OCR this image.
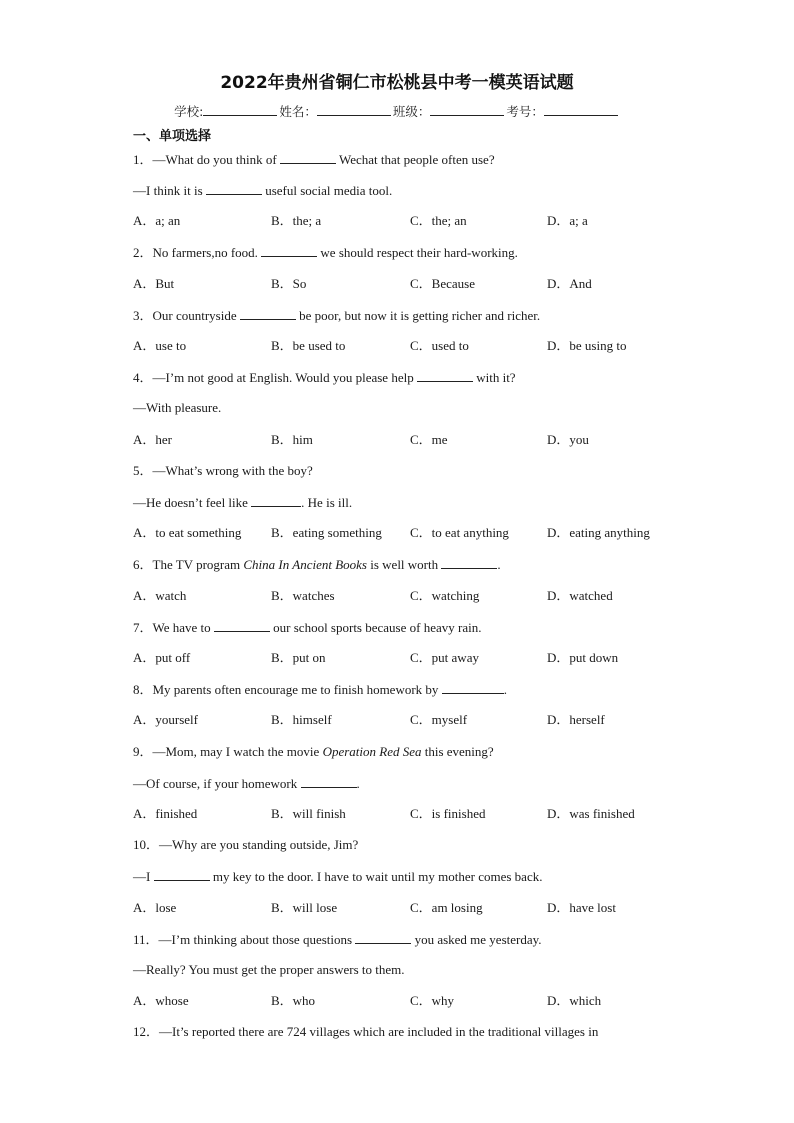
2022年贵州省铜仁市松桃县中考一模英语试题
学校:	姓名：	班级：	考号：
一、单项选择
1．—What do you think of	Wechat that people often use?
—I think it is	useful social media tool.
A．a; an	B．the; a	C．the; an	D．a; a
2．No farmers,no food.	we should respect their hard-working.
A．But	B．So	C．Because	D．And
3．Our countryside	be poor, but now it is getting richer and richer.
A．use to	B．be used to	C．used to	D．be using to
4．—I’m not good at English. Would you please help	with it?
—With pleasure.
A．her	B．him	C．me	D．you
5．—What’s wrong with the boy?
—He doesn’t feel like	. He is ill.
A．to eat something B．eating something C．to eat anything	D．eating anything
6．The TV program China In Ancient Books is well worth	.
A．watch	B．watches	C．watching	D．watched
7．We have to	our school sports because of heavy rain.
A．put off	B．put on	C．put away	D．put down
8．My parents often encourage me to finish homework by	.
A．yourself	B．himself	C．myself	D．herself
9．—Mom, may I watch the movie Operation Red Sea this evening?
—Of course, if your homework	.
A．finished	B．will finish	C．is finished	D．was finished
10．—Why are you standing outside, Jim?
—I	my key to the door. I have to wait until my mother comes back.
A．lose	B．will lose	C．am losing	D．have lost
11．—I’m thinking about those questions	you asked me yesterday.
—Really? You must get the proper answers to them.
A．whose	B．who	C．why	D．which
12．—It’s reported there are 724 villages which are included in the traditional villages in
